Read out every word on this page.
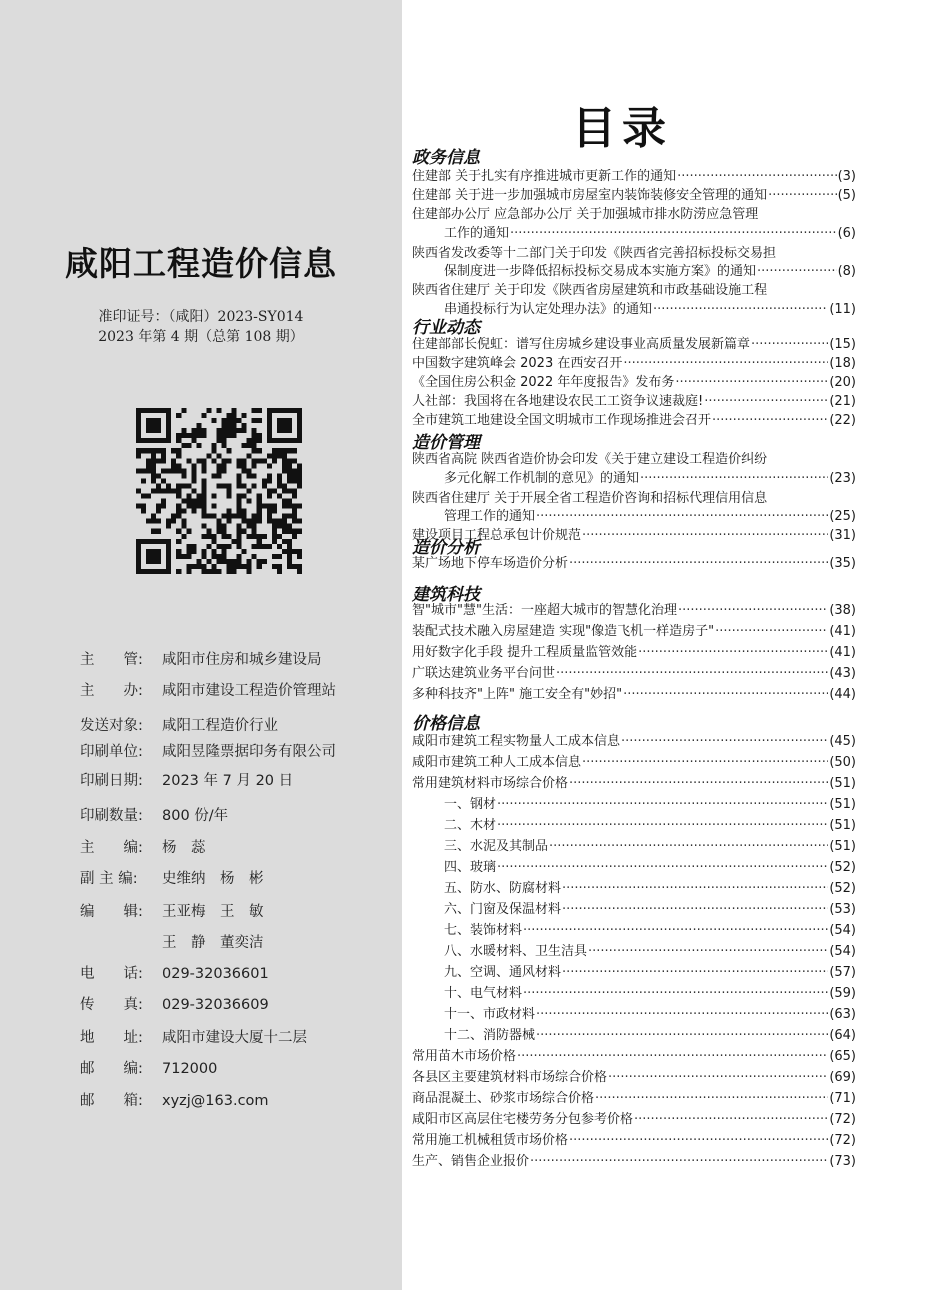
咸阳工程造价信息
准印证号：（咸阳）2023-SY014
2023 年第 4 期（总第 108 期）
主　　管: 咸阳市住房和城乡建设局
主　　办: 咸阳市建设工程造价管理站
发送对象: 咸阳工程造价行业
印刷单位: 咸阳昱隆票据印务有限公司
印刷日期: 2023 年 7 月 20 日
印刷数量: 800 份/年
主　　编: 杨　蕊
副 主 编: 史维纳　杨　彬
编　　辑: 王亚梅　王　敏
王　静　董奕洁
电　　话: 029-32036601
传　　真: 029-32036609
地　　址: 咸阳市建设大厦十二层
邮　　编: 712000
邮　　箱: xyzj@163.com
目录
政务信息
住建部 关于扎实有序推进城市更新工作的通知 ·····	(3)
住建部 关于进一步加强城市房屋室内装饰装修安全管理的通知 ·····	(5)
住建部办公厅 应急部办公厅 关于加强城市排水防涝应急管理
工作的通知 ·····	(6)
陕西省发改委等十二部门关于印发《陕西省完善招标投标交易担
保制度进一步降低招标投标交易成本实施方案》的通知 ·····	(8)
陕西省住建厅 关于印发《陕西省房屋建筑和市政基础设施工程
串通投标行为认定处理办法》的通知 ·····	(11)
行业动态
住建部部长倪虹：谱写住房城乡建设事业高质量发展新篇章 ·····	(15)
中国数字建筑峰会 2023 在西安召开 ·····	(18)
《全国住房公积金 2022 年年度报告》发布务 ·····	(20)
人社部：我国将在各地建设农民工工资争议速裁庭! ·····	(21)
全市建筑工地建设全国文明城市工作现场推进会召开 ·····	(22)
造价管理
陕西省高院 陕西省造价协会印发《关于建立建设工程造价纠纷
多元化解工作机制的意见》的通知 ·····	(23)
陕西省住建厅 关于开展全省工程造价咨询和招标代理信用信息
管理工作的通知 ·····	(25)
建设项目工程总承包计价规范 ·····	(31)
造价分析
某广场地下停车场造价分析 ·····	(35)
建筑科技
智"城市"慧"生活：一座超大城市的智慧化治理 ·····	(38)
装配式技术融入房屋建造 实现"像造飞机一样造房子" ·····	(41)
用好数字化手段 提升工程质量监管效能 ·····	(41)
广联达建筑业务平台问世 ·····	(43)
多种科技齐"上阵" 施工安全有"妙招" ·····	(44)
价格信息
咸阳市建筑工程实物量人工成本信息 ·····	(45)
咸阳市建筑工种人工成本信息 ·····	(50)
常用建筑材料市场综合价格 ·····	(51)
一、钢材 ·····	(51)
二、木材 ·····	(51)
三、水泥及其制品 ·····	(51)
四、玻璃 ·····	(52)
五、防水、防腐材料 ·····	(52)
六、门窗及保温材料 ·····	(53)
七、装饰材料 ·····	(54)
八、水暖材料、卫生洁具 ·····	(54)
九、空调、通风材料 ·····	(57)
十、电气材料 ·····	(59)
十一、市政材料 ·····	(63)
十二、消防器械 ·····	(64)
常用苗木市场价格 ·····	(65)
各县区主要建筑材料市场综合价格 ·····	(69)
商品混凝土、砂浆市场综合价格 ·····	(71)
咸阳市区高层住宅楼劳务分包参考价格 ·····	(72)
常用施工机械租赁市场价格 ·····	(72)
生产、销售企业报价 ·····	(73)
